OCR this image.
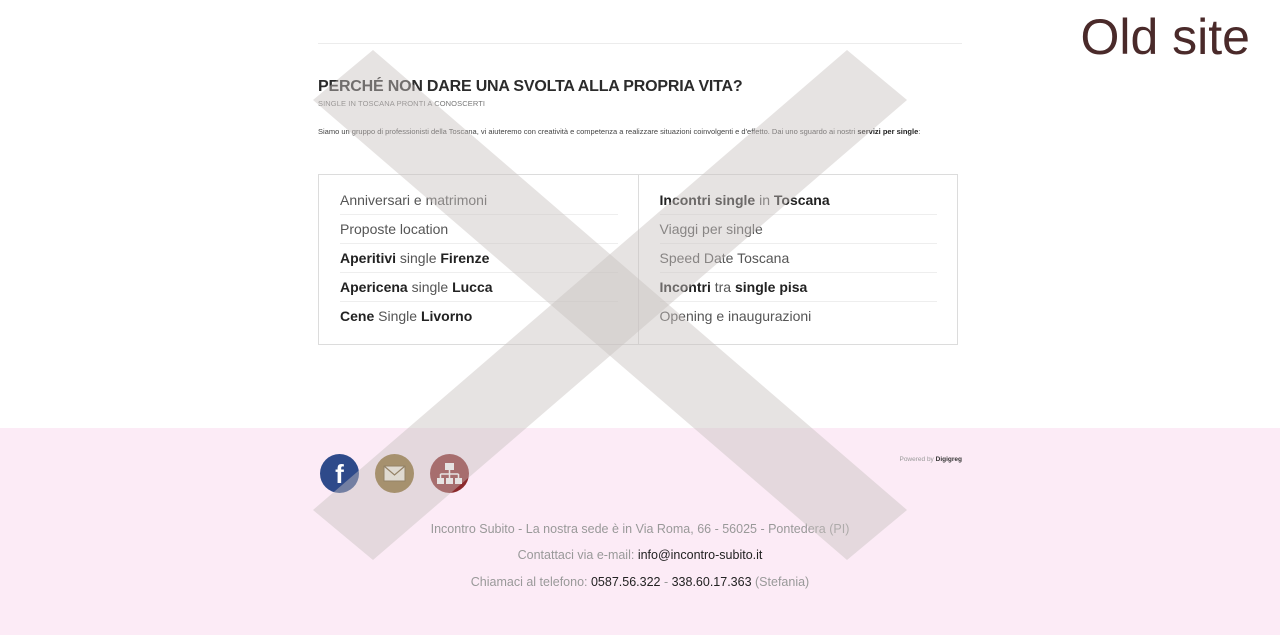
PERCHÉ NON DARE UNA SVOLTA ALLA PROPRIA VITA?
SINGLE IN TOSCANA PRONTI A CONOSCERTI
Siamo un gruppo di professionisti della Toscana, vi aiuteremo con creatività e competenza a realizzare situazioni coinvolgenti e d'effetto. Dai uno sguardo ai nostri servizi per single:
Anniversari e matrimoni
Proposte location
Aperitivi single Firenze
Apericena single Lucca
Cene Single Livorno
Incontri single in Toscana
Viaggi per single
Speed Date Toscana
Incontri tra single pisa
Opening e inaugurazioni
f	Powered by Digigreg
Incontro Subito - La nostra sede è in Via Roma, 66 - 56025 - Pontedera (PI)
Contattaci via e-mail: info@incontro-subito.it
Chiamaci al telefono: 0587.56.322 - 338.60.17.363 (Stefania)
Old site
